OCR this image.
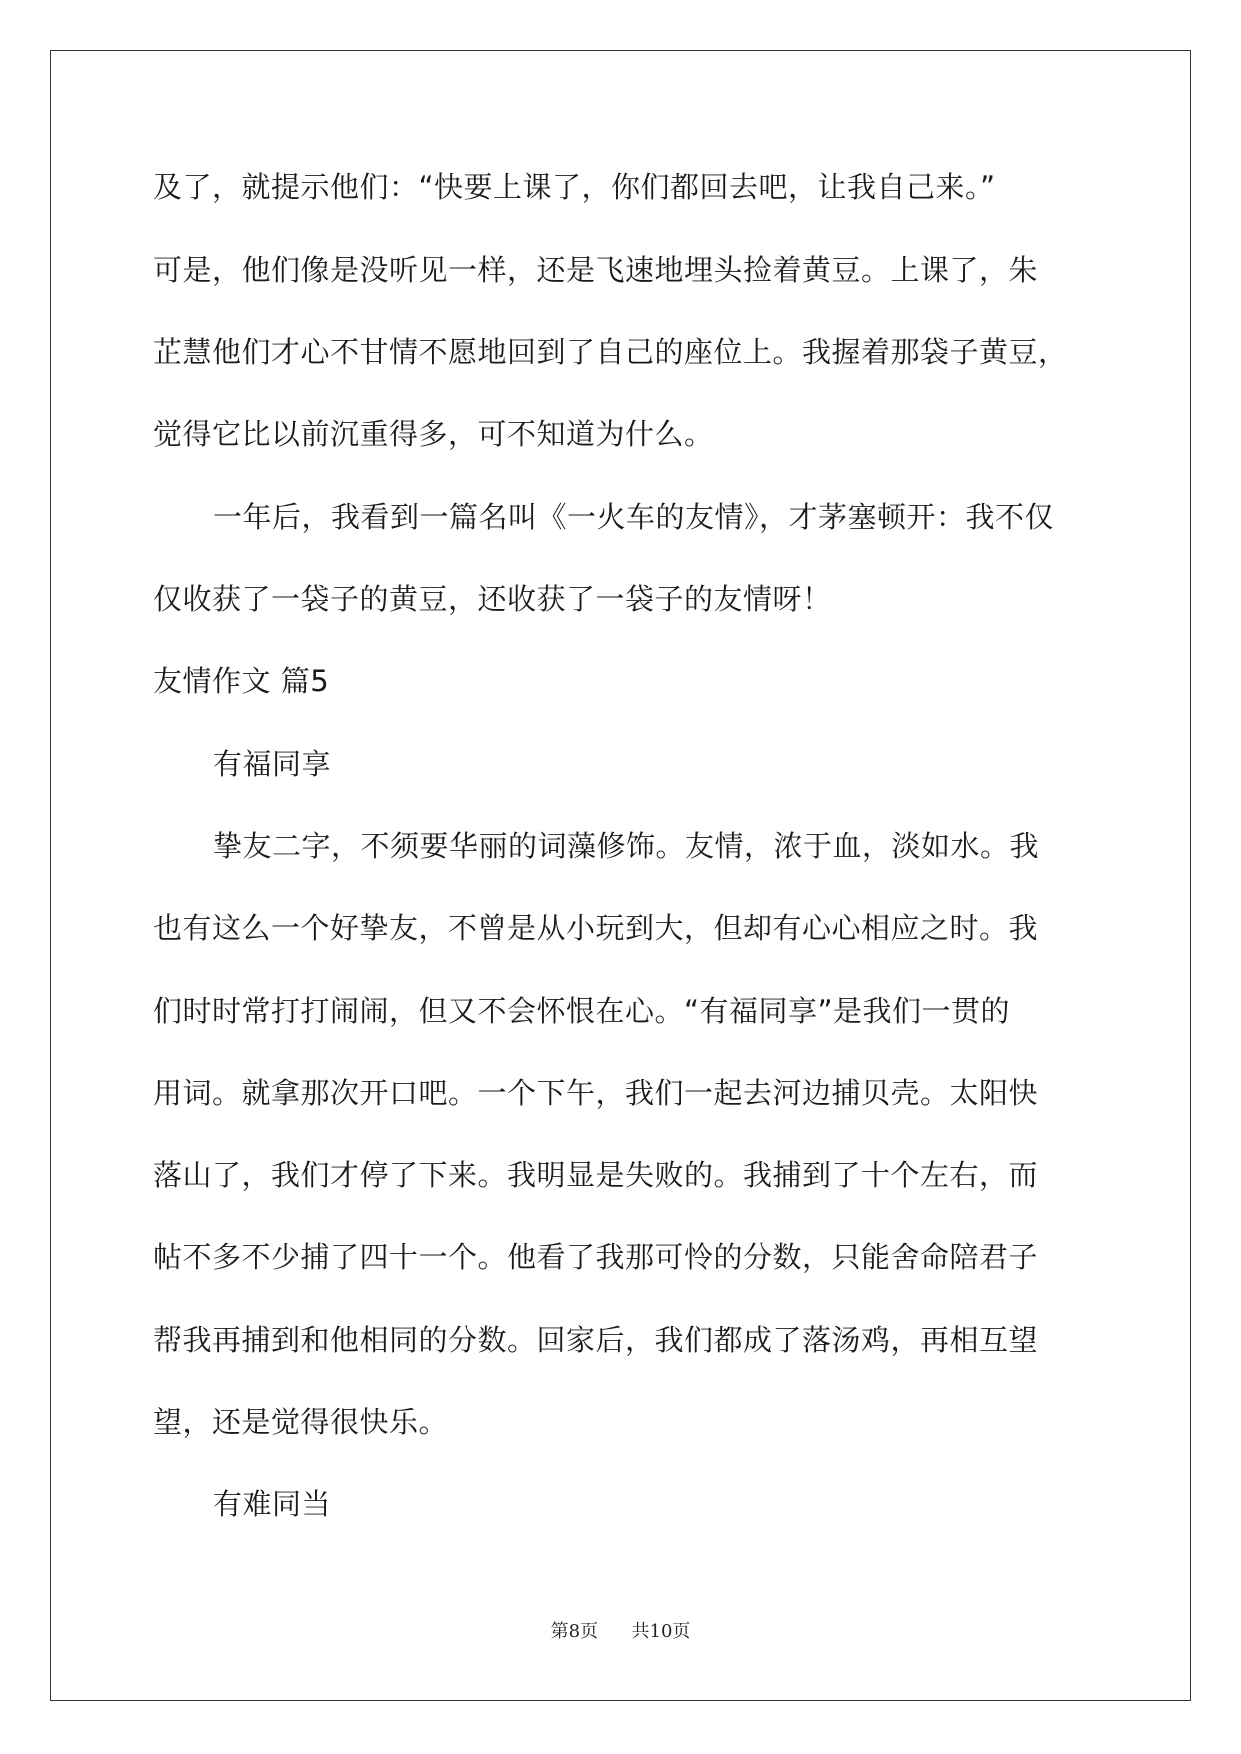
及了，就提示他们：“快要上课了，你们都回去吧，让我自己来。”
可是，他们像是没听见一样，还是飞速地埋头捡着黄豆。上课了，朱
芷慧他们才心不甘情不愿地回到了自己的座位上。我握着那袋子黄豆，
觉得它比以前沉重得多，可不知道为什么。
一年后，我看到一篇名叫《一火车的友情》，才茅塞顿开：我不仅
仅收获了一袋子的黄豆，还收获了一袋子的友情呀！
友情作文 篇5
有福同享
挚友二字，不须要华丽的词藻修饰。友情，浓于血，淡如水。我
也有这么一个好挚友，不曾是从小玩到大，但却有心心相应之时。我
们时时常打打闹闹，但又不会怀恨在心。“有福同享”是我们一贯的
用词。就拿那次开口吧。一个下午，我们一起去河边捕贝壳。太阳快
落山了，我们才停了下来。我明显是失败的。我捕到了十个左右，而
帖不多不少捕了四十一个。他看了我那可怜的分数，只能舍命陪君子
帮我再捕到和他相同的分数。回家后，我们都成了落汤鸡，再相互望
望，还是觉得很快乐。
有难同当
第8页 共10页
